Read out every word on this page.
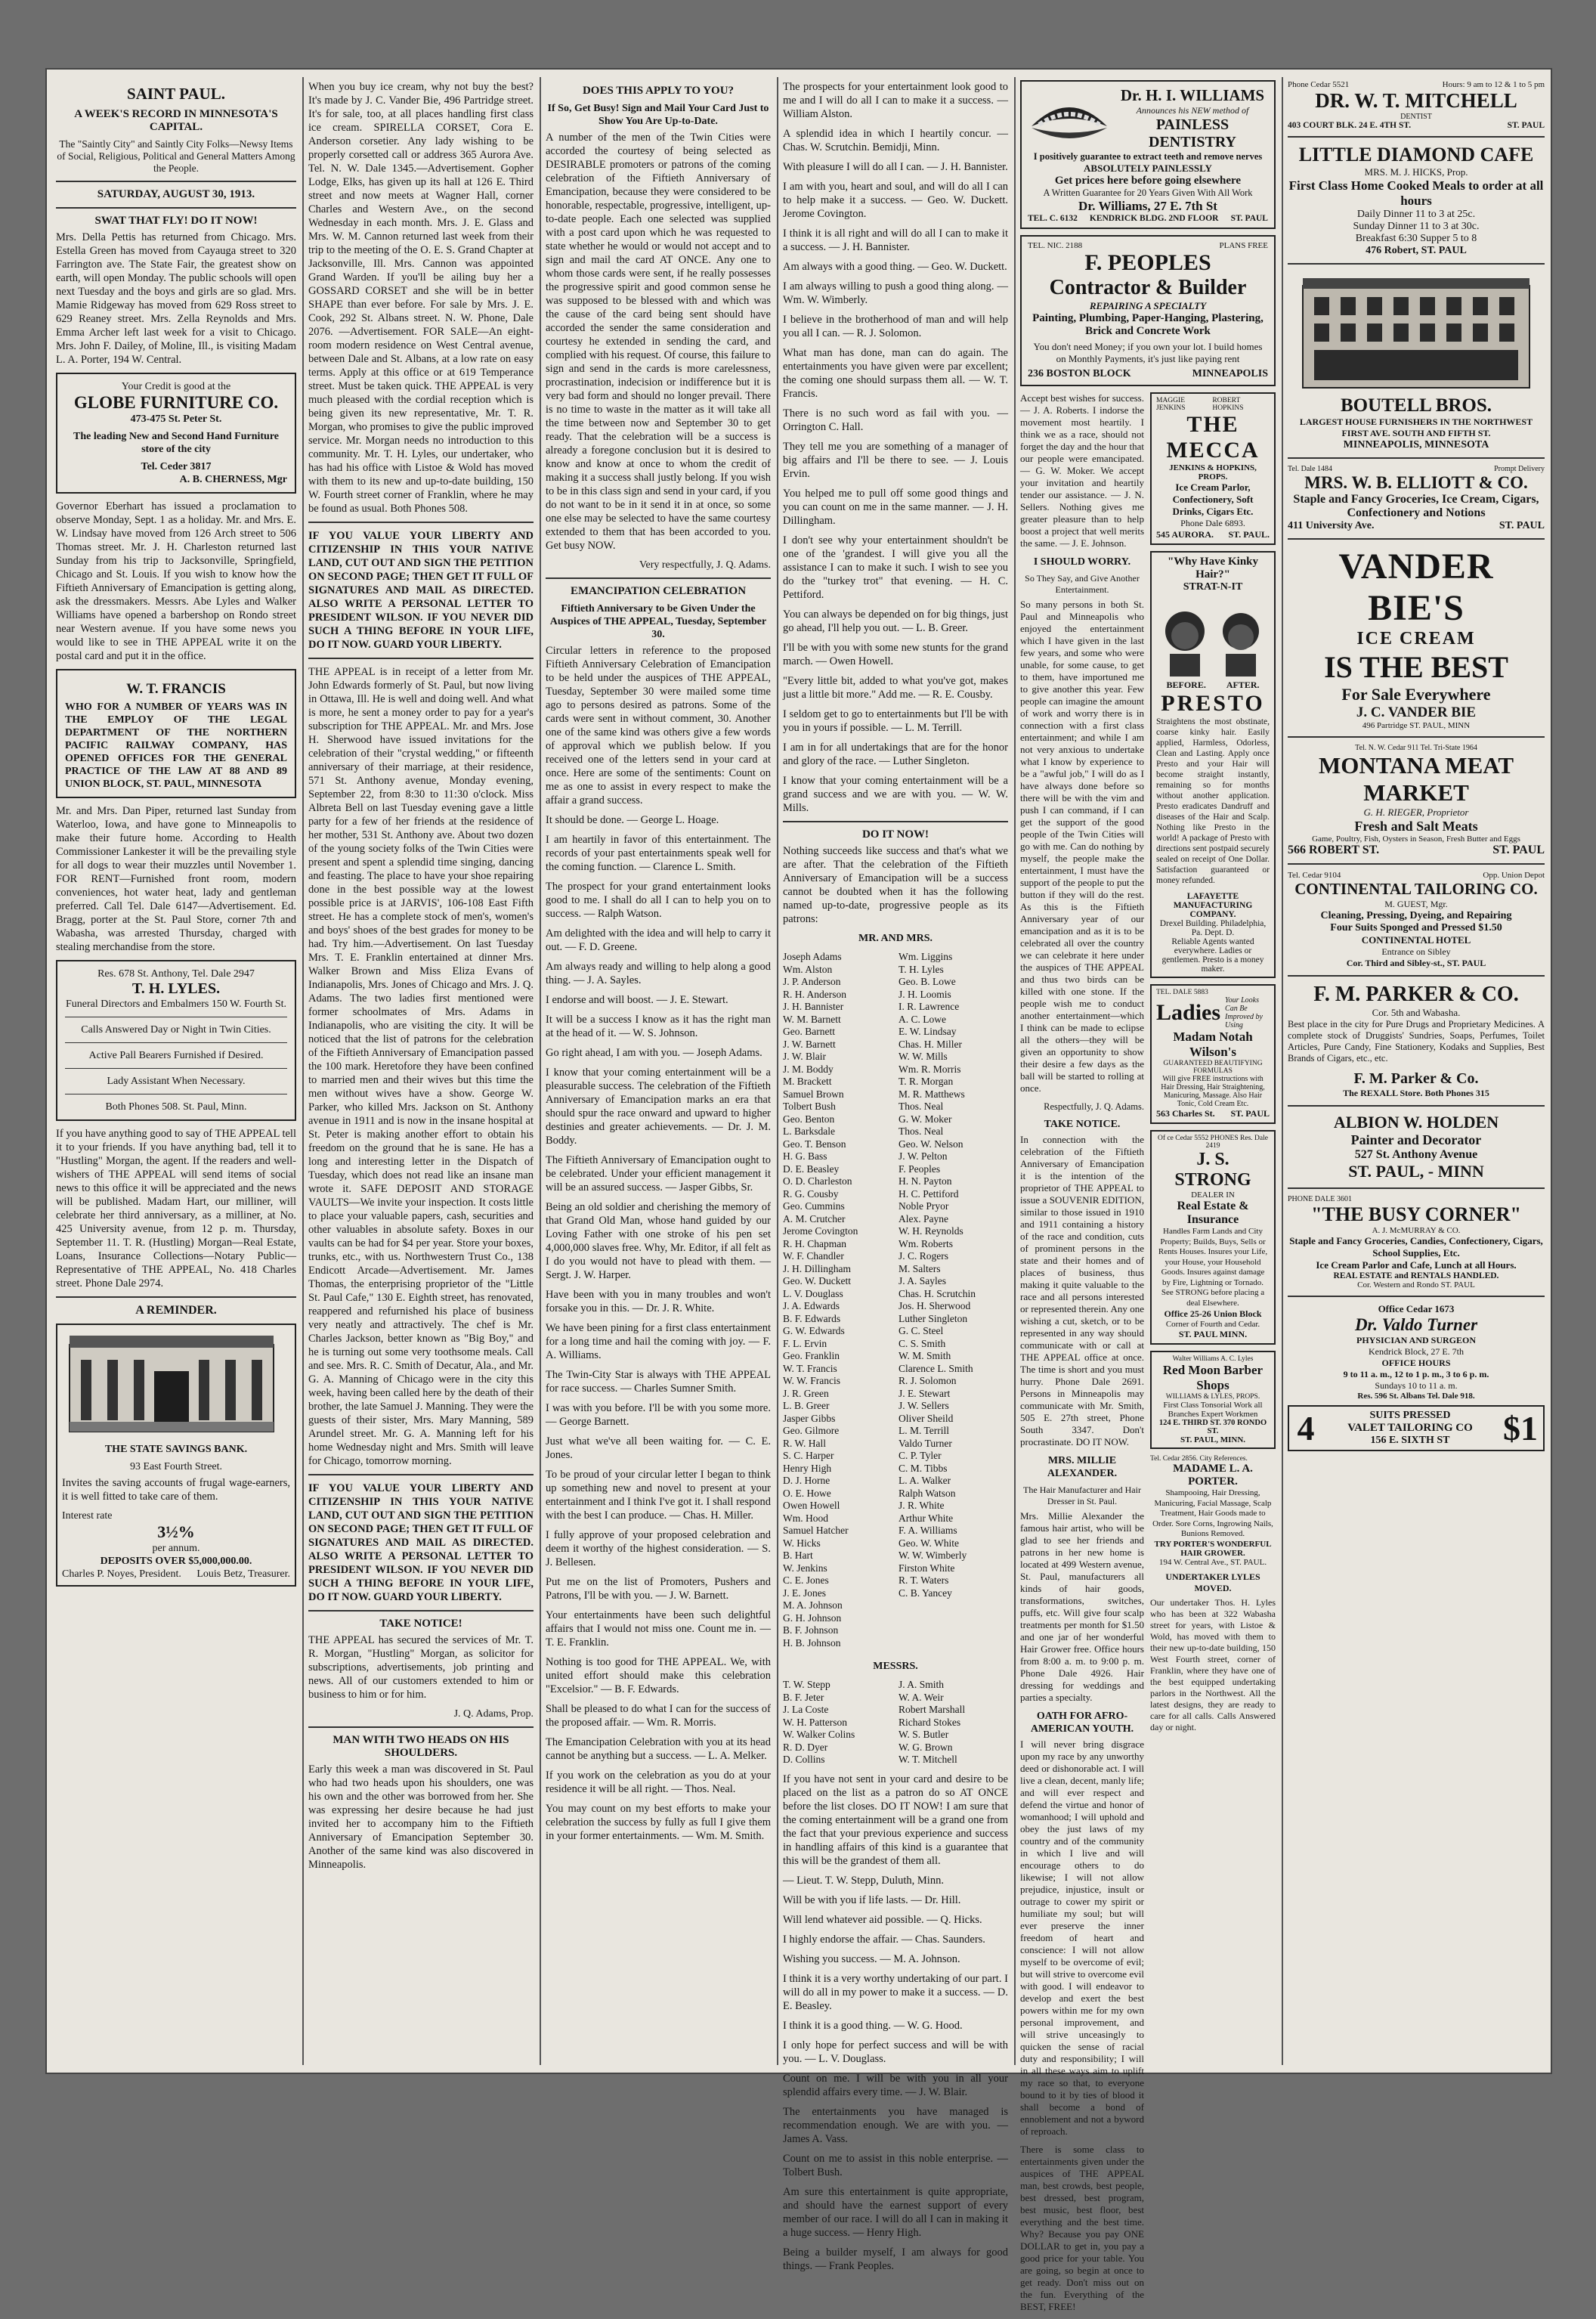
SAINT PAUL.
A WEEK'S RECORD IN MINNESOTA'S CAPITAL.
The "Saintly City" and Saintly City Folks—Newsy Items of Social, Religious, Political and General Matters Among the People.
SATURDAY, AUGUST 30, 1913.
SWAT THAT FLY! DO IT NOW!

Mrs. Della Pettis has returned from Chicago. Mrs. Estella Green has moved from Cayauga street to 320 Farrington ave. The State Fair, the greatest show on earth, will open Monday. The public schools will open next Tuesday and the boys and girls are so glad. Mrs. Mamie Ridgeway has moved from 629 Ross street to 629 Reaney street. Mrs. Zella Reynolds and Mrs. Emma Archer left last week for a visit to Chicago. Mrs. John F. Dailey, of Moline, Ill., is visiting Madam L. A. Porter, 194 W. Central.

Your Credit is good at the
GLOBE FURNITURE CO.
473-475 St. Peter St.
The leading New and Second Hand Furniture store of the city
Tel. Ceder 3817
A. B. CHERNESS, Mgr

Governor Eberhart has issued a proclamation to observe Monday, Sept. 1 as a holiday. Mr. and Mrs. E. W. Lindsay have moved from 126 Arch street to 506 Thomas street. Mr. J. H. Charleston returned last Sunday from his trip to Jacksonville, Springfield, Chicago and St. Louis. If you wish to know how the Fiftieth Anniversary of Emancipation is getting along, ask the dressmakers. Messrs. Abe Lyles and Walker Williams have opened a barbershop on Rondo street near Western avenue. If you have some news you would like to see in THE APPEAL write it on the postal card and put it in the office.

W. T. FRANCIS
WHO FOR A NUMBER OF YEARS WAS IN THE EMPLOY OF THE LEGAL DEPARTMENT OF THE NORTHERN PACIFIC RAILWAY COMPANY, HAS OPENED OFFICES FOR THE GENERAL PRACTICE OF THE LAW AT 88 AND 89 UNION BLOCK, ST. PAUL, MINNESOTA

Mr. and Mrs. Dan Piper, returned last Sunday from Waterloo, Iowa, and have gone to Minneapolis to make their future home. According to Health Commissioner Lankester it will be the prevailing style for all dogs to wear their muzzles until November 1. FOR RENT—Furnished front room, modern conveniences, hot water heat, lady and gentleman preferred. Call Tel. Dale 6147—Advertisement. Ed. Bragg, porter at the St. Paul Store, corner 7th and Wabasha, was arrested Thursday, charged with stealing merchandise from the store.

Res. 678 St. Anthony, Tel. Dale 2947
T. H. LYLES.
Funeral Directors and Embalmers 150 W. Fourth St.
Calls Answered Day or Night in Twin Cities.
Active Pall Bearers Furnished if Desired.
Lady Assistant When Necessary.
Both Phones 508. St. Paul, Minn.

If you have anything good to say of THE APPEAL tell it to your friends. If you have anything bad, tell it to "Hustling" Morgan, the agent. If the readers and well-wishers of THE APPEAL will send items of social news to this office it will be appreciated and the news will be published. Madam Hart, our milliner, will celebrate her third anniversary, as a milliner, at No. 425 University avenue, from 12 p. m. Thursday, September 11. T. R. (Hustling) Morgan—Real Estate, Loans, Insurance Collections—Notary Public—Representative of THE APPEAL, No. 418 Charles street. Phone Dale 2974.

A REMINDER.
THE STATE SAVINGS BANK.
93 East Fourth Street.

Invites the saving accounts of frugal wage-earners, it is well fitted to take care of them.

Interest rate
3½%
per annum.
DEPOSITS OVER $5,000,000.00.
Charles P. Noyes, President. Louis Betz, Treasurer.

When you buy ice cream, why not buy the best? It's made by J. C. Vander Bie, 496 Partridge street. It's for sale, too, at all places handling first class ice cream. SPIRELLA CORSET, Cora E. Anderson corsetier. Any lady wishing to be properly corsetted call or address 365 Aurora Ave. Tel. N. W. Dale 1345.—Advertisement. Gopher Lodge, Elks, has given up its hall at 126 E. Third street and now meets at Wagner Hall, corner Charles and Western Ave., on the second Wednesday in each month. Mrs. J. E. Glass and Mrs. W. M. Cannon returned last week from their trip to the meeting of the O. E. S. Grand Chapter at Jacksonville, Ill. Mrs. Cannon was appointed Grand Warden. If you'll be ailing buy her a GOSSARD CORSET and she will be in better SHAPE than ever before. For sale by Mrs. J. E. Cook, 292 St. Albans street. N. W. Phone, Dale 2076. —Advertisement. FOR SALE—An eight-room modern residence on West Central avenue, between Dale and St. Albans, at a low rate on easy terms. Apply at this office or at 619 Temperance street. Must be taken quick. THE APPEAL is very much pleased with the cordial reception which is being given its new representative, Mr. T. R. Morgan, who promises to give the public improved service. Mr. Morgan needs no introduction to this community. Mr. T. H. Lyles, our undertaker, who has had his office with Listoe & Wold has moved with them to its new and up-to-date building, 150 W. Fourth street corner of Franklin, where he may be found as usual. Both Phones 508.

IF YOU VALUE YOUR LIBERTY AND CITIZENSHIP IN THIS YOUR NATIVE LAND, CUT OUT AND SIGN THE PETITION ON SECOND PAGE; THEN GET IT FULL OF SIGNATURES AND MAIL AS DIRECTED. ALSO WRITE A PERSONAL LETTER TO PRESIDENT WILSON. IF YOU NEVER DID SUCH A THING BEFORE IN YOUR LIFE, DO IT NOW. GUARD YOUR LIBERTY.

THE APPEAL is in receipt of a letter from Mr. John Edwards formerly of St. Paul, but now living in Ottawa, Ill. He is well and doing well. And what is more, he sent a money order to pay for a year's subscription for THE APPEAL. Mr. and Mrs. Jose H. Sherwood have issued invitations for the celebration of their "crystal wedding," or fifteenth anniversary of their marriage, at their residence, 571 St. Anthony avenue, Monday evening, September 22, from 8:30 to 11:30 o'clock. Miss Albreta Bell on last Tuesday evening gave a little party for a few of her friends at the residence of her mother, 531 St. Anthony ave. About two dozen of the young society folks of the Twin Cities were present and spent a splendid time singing, dancing and feasting. The place to have your shoe repairing done in the best possible way at the lowest possible price is at JARVIS', 106-108 East Fifth street. He has a complete stock of men's, women's and boys' shoes of the best grades for money to be had. Try him.—Advertisement. On last Tuesday Mrs. T. E. Franklin entertained at dinner Mrs. Walker Brown and Miss Eliza Evans of Indianapolis, Mrs. Jones of Chicago and Mrs. J. Q. Adams. The two ladies first mentioned were former schoolmates of Mrs. Adams in Indianapolis, who are visiting the city. It will be noticed that the list of patrons for the celebration of the Fiftieth Anniversary of Emancipation passed the 100 mark. Heretofore they have been confined to married men and their wives but this time the men without wives have a show. George W. Parker, who killed Mrs. Jackson on St. Anthony avenue in 1911 and is now in the insane hospital at St. Peter is making another effort to obtain his freedom on the ground that he is sane. He has a long and interesting letter in the Dispatch of Tuesday, which does not read like an insane man wrote it. SAFE DEPOSIT AND STORAGE VAULTS—We invite your inspection. It costs little to place your valuable papers, cash, securities and other valuables in absolute safety. Boxes in our vaults can be had for $4 per year. Store your boxes, trunks, etc., with us. Northwestern Trust Co., 138 Endicott Arcade—Advertisement. Mr. James Thomas, the enterprising proprietor of the "Little St. Paul Cafe," 130 E. Eighth street, has renovated, reappered and refurnished his place of business very neatly and attractively. The chef is Mr. Charles Jackson, better known as "Big Boy," and he is turning out some very toothsome meals. Call and see. Mrs. R. C. Smith of Decatur, Ala., and Mr. G. A. Manning of Chicago were in the city this week, having been called here by the death of their brother, the late Samuel J. Manning. They were the guests of their sister, Mrs. Mary Manning, 589 Arundel street. Mr. G. A. Manning left for his home Wednesday night and Mrs. Smith will leave for Chicago, tomorrow morning.

IF YOU VALUE YOUR LIBERTY AND CITIZENSHIP IN THIS YOUR NATIVE LAND, CUT OUT AND SIGN THE PETITION ON SECOND PAGE; THEN GET IT FULL OF SIGNATURES AND MAIL AS DIRECTED. ALSO WRITE A PERSONAL LETTER TO PRESIDENT WILSON. IF YOU NEVER DID SUCH A THING BEFORE IN YOUR LIFE, DO IT NOW. GUARD YOUR LIBERTY.

TAKE NOTICE!

THE APPEAL has secured the services of Mr. T. R. Morgan, "Hustling" Morgan, as solicitor for subscriptions, advertisements, job printing and news. All of our customers extended to him or business to him or for him.

J. Q. Adams, Prop.
MAN WITH TWO HEADS ON HIS SHOULDERS.

Early this week a man was discovered in St. Paul who had two heads upon his shoulders, one was his own and the other was borrowed from her. She was expressing her desire because he had just invited her to accompany him to the Fiftieth Anniversary of Emancipation September 30. Another of the same kind was also discovered in Minneapolis.

DOES THIS APPLY TO YOU?
If So, Get Busy! Sign and Mail Your Card Just to Show You Are Up-to-Date.

A number of the men of the Twin Cities were accorded the courtesy of being selected as DESIRABLE promoters or patrons of the coming celebration of the Fiftieth Anniversary of Emancipation, because they were considered to be honorable, respectable, progressive, intelligent, up-to-date people. Each one selected was supplied with a post card upon which he was requested to state whether he would or would not accept and to sign and mail the card AT ONCE. Any one to whom those cards were sent, if he really possesses the progressive spirit and good common sense he was supposed to be blessed with and which was the cause of the card being sent should have accorded the sender the same consideration and courtesy he extended in sending the card, and complied with his request. Of course, this failure to sign and send in the cards is more carelessness, procrastination, indecision or indifference but it is very bad form and should no longer prevail. There is no time to waste in the matter as it will take all the time between now and September 30 to get ready. That the celebration will be a success is already a foregone conclusion but it is desired to know and know at once to whom the credit of making it a success shall justly belong. If you wish to be in this class sign and send in your card, if you do not want to be in it send it in at once, so some one else may be selected to have the same courtesy extended to them that has been accorded to you. Get busy NOW.

Very respectfully, J. Q. Adams.
EMANCIPATION CELEBRATION
Fiftieth Anniversary to be Given Under the Auspices of THE APPEAL, Tuesday, September 30.

Circular letters in reference to the proposed Fiftieth Anniversary Celebration of Emancipation to be held under the auspices of THE APPEAL, Tuesday, September 30 were mailed some time ago to persons desired as patrons. Some of the cards were sent in without comment, 30. Another one of the same kind was others give a few words of approval which we publish below. If you received one of the letters send in your card at once. Here are some of the sentiments: Count on me as one to assist in every respect to make the affair a grand success.

It should be done. — George L. Hoage.

I am heartily in favor of this entertainment. The records of your past entertainments speak well for the coming function. — Clarence L. Smith.

The prospect for your grand entertainment looks good to me. I shall do all I can to help you on to success. — Ralph Watson.

Am delighted with the idea and will help to carry it out. — F. D. Greene.

Am always ready and willing to help along a good thing. — J. A. Sayles.

I endorse and will boost. — J. E. Stewart.

It will be a success I know as it has the right man at the head of it. — W. S. Johnson.

Go right ahead, I am with you. — Joseph Adams.

I know that your coming entertainment will be a pleasurable success. The celebration of the Fiftieth Anniversary of Emancipation marks an era that should spur the race onward and upward to higher destinies and greater achievements. — Dr. J. M. Boddy.

The Fiftieth Anniversary of Emancipation ought to be celebrated. Under your efficient management it will be an assured success. — Jasper Gibbs, Sr.

Being an old soldier and cherishing the memory of that Grand Old Man, whose hand guided by our Loving Father with one stroke of his pen set 4,000,000 slaves free. Why, Mr. Editor, if all felt as I do you would not have to plead with them. — Sergt. J. W. Harper.

Have been with you in many troubles and won't forsake you in this. — Dr. J. R. White.

We have been pining for a first class entertainment for a long time and hail the coming with joy. — F. A. Williams.

The Twin-City Star is always with THE APPEAL for race success. — Charles Sumner Smith.

I was with you before. I'll be with you some more. — George Barnett.

Just what we've all been waiting for. — C. E. Jones.

To be proud of your circular letter I began to think up something new and novel to present at your entertainment and I think I've got it. I shall respond with the best I can produce. — Chas. H. Miller.

I fully approve of your proposed celebration and deem it worthy of the highest consideration. — S. J. Bellesen.

Put me on the list of Promoters, Pushers and Patrons, I'll be with you. — J. W. Barnett.

Your entertainments have been such delightful affairs that I would not miss one. Count me in. — T. E. Franklin.

Nothing is too good for THE APPEAL. We, with united effort should make this celebration "Excelsior." — B. F. Edwards.

Shall be pleased to do what I can for the success of the proposed affair. — Wm. R. Morris.

The Emancipation Celebration with you at its head cannot be anything but a success. — L. A. Melker.

If you work on the celebration as you do at your residence it will be all right. — Thos. Neal.

You may count on my best efforts to make your celebration the success by fully as full I give them in your former entertainments. — Wm. M. Smith.

The prospects for your entertainment look good to me and I will do all I can to make it a success. — William Alston.

A splendid idea in which I heartily concur. — Chas. W. Scrutchin. Bemidji, Minn.

With pleasure I will do all I can. — J. H. Bannister.

I am with you, heart and soul, and will do all I can to help make it a success. — Geo. W. Duckett. Jerome Covington.

I think it is all right and will do all I can to make it a success. — J. H. Bannister.

Am always with a good thing. — Geo. W. Duckett.

I am always willing to push a good thing along. — Wm. W. Wimberly.

I believe in the brotherhood of man and will help you all I can. — R. J. Solomon.

What man has done, man can do again. The entertainments you have given were par excellent; the coming one should surpass them all. — W. T. Francis.

There is no such word as fail with you. — Orrington C. Hall.

They tell me you are something of a manager of big affairs and I'll be there to see. — J. Louis Ervin.

You helped me to pull off some good things and you can count on me in the same manner. — J. H. Dillingham.

I don't see why your entertainment shouldn't be one of the 'grandest. I will give you all the assistance I can to make it such. I wish to see you do the "turkey trot" that evening. — H. C. Pettiford.

You can always be depended on for big things, just go ahead, I'll help you out. — L. B. Greer.

I'll be with you with some new stunts for the grand march. — Owen Howell.

"Every little bit, added to what you've got, makes just a little bit more." Add me. — R. E. Cousby.

I seldom get to go to entertainments but I'll be with you in yours if possible. — L. M. Terrill.

I am in for all undertakings that are for the honor and glory of the race. — Luther Singleton.

I know that your coming entertainment will be a grand success and we are with you. — W. W. Mills.

DO IT NOW!

Nothing succeeds like success and that's what we are after. That the celebration of the Fiftieth Anniversary of Emancipation will be a success cannot be doubted when it has the following named up-to-date, progressive people as its patrons:

MR. AND MRS.
Joseph Adams
Wm. Alston
J. P. Anderson
R. H. Anderson
J. H. Bannister
W. M. Barnett
Geo. Barnett
J. W. Barnett
J. W. Blair
J. M. Boddy
M. Brackett
Samuel Brown
Tolbert Bush
Geo. Benton
L. Barksdale
Geo. T. Benson
H. G. Bass
D. E. Beasley
O. D. Charleston
R. G. Cousby
Geo. Cummins
A. M. Crutcher
Jerome Covington
R. H. Chapman
W. F. Chandler
J. H. Dillingham
Geo. W. Duckett
L. V. Douglass
J. A. Edwards
B. F. Edwards
G. W. Edwards
F. L. Ervin
Geo. Franklin
W. T. Francis
W. W. Francis
J. R. Green
L. B. Greer
Jasper Gibbs
Geo. Gilmore
R. W. Hall
S. C. Harper
Henry High
D. J. Horne
O. E. Howe
Owen Howell
Wm. Hood
Samuel Hatcher
W. Hicks
B. Hart
W. Jenkins
C. E. Jones
J. E. Jones
M. A. Johnson
G. H. Johnson
B. F. Johnson
H. B. Johnson
Wm. Liggins
T. H. Lyles
Geo. B. Lowe
J. H. Loomis
I. R. Lawrence
A. C. Lowe
E. W. Lindsay
Chas. H. Miller
W. W. Mills
Wm. R. Morris
T. R. Morgan
M. R. Matthews
Thos. Neal
G. W. Moker
Thos. Neal
Geo. W. Nelson
J. W. Pelton
F. Peoples
H. N. Payton
H. C. Pettiford
Noble Pryor
Alex. Payne
W. H. Reynolds
Wm. Roberts
J. C. Rogers
M. Salters
J. A. Sayles
Chas. H. Scrutchin
Jos. H. Sherwood
Luther Singleton
G. C. Steel
C. S. Smith
W. M. Smith
Clarence L. Smith
R. J. Solomon
J. E. Stewart
J. W. Sellers
Oliver Sheild
L. M. Terrill
Valdo Turner
C. P. Tyler
C. M. Tibbs
L. A. Walker
Ralph Watson
J. R. White
Arthur White
F. A. Williams
Geo. W. White
W. W. Wimberly
Firston White
R. T. Waters
C. B. Yancey
MESSRS.
T. W. Stepp
B. F. Jeter
J. La Coste
W. H. Patterson
W. Walker Colins
R. D. Dyer
D. Collins
J. A. Smith
W. A. Weir
Robert Marshall
Richard Stokes
W. S. Butler
W. G. Brown
W. T. Mitchell

If you have not sent in your card and desire to be placed on the list as a patron do so AT ONCE before the list closes. DO IT NOW! I am sure that the coming entertainment will be a grand one from the fact that your previous experience and success in handling affairs of this kind is a guarantee that this will be the grandest of them all.

— Lieut. T. W. Stepp, Duluth, Minn.

Will be with you if life lasts. — Dr. Hill.

Will lend whatever aid possible. — Q. Hicks.

I highly endorse the affair. — Chas. Saunders.

Wishing you success. — M. A. Johnson.

I think it is a very worthy undertaking of our part. I will do all in my power to make it a success. — D. E. Beasley.

I think it is a good thing. — W. G. Hood.

I only hope for perfect success and will be with you. — L. V. Douglass.

Count on me. I will be with you in all your splendid affairs every time. — J. W. Blair.

The entertainments you have managed is recommendation enough. We are with you. — James A. Vass.

Count on me to assist in this noble enterprise. — Tolbert Bush.

Am sure this entertainment is quite appropriate, and should have the earnest support of every member of our race. I will do all I can in making it a huge success. — Henry High.

Being a builder myself, I am always for good things. — Frank Peoples.

Dr. H. I. WILLIAMS
Announces his NEW method of
PAINLESS DENTISTRY
I positively guarantee to extract teeth and remove nerves
ABSOLUTELY PAINLESSLY
Get prices here before going elsewhere
A Written Guarantee for 20 Years Given With All Work
Dr. Williams, 27 E. 7th St
TEL. C. 6132 KENDRICK BLDG. 2ND FLOOR ST. PAUL
TEL. NIC. 2188	PLANS FREE
F. PEOPLES
Contractor & Builder
REPAIRING A SPECIALTY
Painting, Plumbing, Paper-Hanging, Plastering, Brick and Concrete Work
You don't need Money; if you own your lot. I build homes on Monthly Payments, it's just like paying rent
236 BOSTON BLOCK	MINNEAPOLIS

Accept best wishes for success. — J. A. Roberts. I indorse the movement most heartily. I think we as a race, should not forget the day and the hour that our people were emancipated. — G. W. Moker. We accept your invitation and heartily tender our assistance. — J. N. Sellers. Nothing gives me greater pleasure than to help boost a project that well merits the same. — J. E. Johnson.

I SHOULD WORRY.
So They Say, and Give Another Entertainment.

So many persons in both St. Paul and Minneapolis who enjoyed the entertainment which I have given in the last few years, and some who were unable, for some cause, to get to them, have importuned me to give another this year. Few people can imagine the amount of work and worry there is in connection with a first class entertainment; and while I am not very anxious to undertake what I know by experience to be a "awful job," I will do as I have always done before so there will be with the vim and push I can command, if I can get the support of the good people of the Twin Cities will go with me. Can do nothing by myself, the people make the entertainment, I must have the support of the people to put the button if they will do the rest. As this is the Fiftieth Anniversary year of our emancipation and as it is to be celebrated all over the country we can celebrate it here under the auspices of THE APPEAL and thus two birds can be killed with one stone. If the people wish me to conduct another entertainment—which I think can be made to eclipse all the others—they will be given an opportunity to show their desire a few days as the ball will be started to rolling at once.

Respectfully, J. Q. Adams.
TAKE NOTICE.

In connection with the celebration of the Fiftieth Anniversary of Emancipation it is the intention of the proprietor of THE APPEAL to issue a SOUVENIR EDITION, similar to those issued in 1910 and 1911 containing a history of the race and condition, cuts of prominent persons in the state and their homes and of places of business, thus making it quite valuable to the race and all persons interested or represented therein. Any one wishing a cut, sketch, or to be represented in any way should communicate with or call at THE APPEAL office at once. The time is short and you must hurry. Phone Dale 2691. Persons in Minneapolis may communicate with Mr. Smith, 505 E. 27th street, Phone South 3347. Don't procrastinate. DO IT NOW.

MRS. MILLIE ALEXANDER.
The Hair Manufacturer and Hair Dresser in St. Paul.

Mrs. Millie Alexander the famous hair artist, who will be glad to see her friends and patrons in her new home is located at 499 Western avenue, St. Paul, manufacturers all kinds of hair goods, transformations, switches, puffs, etc. Will give four scalp treatments per month for $1.50 and one jar of her wonderful Hair Grower free. Office hours from 8:00 a. m. to 9:00 p. m. Phone Dale 4926. Hair dressing for weddings and parties a specialty.

OATH FOR AFRO-AMERICAN YOUTH.

I will never bring disgrace upon my race by any unworthy deed or dishonorable act. I will live a clean, decent, manly life; and will ever respect and defend the virtue and honor of womanhood; I will uphold and obey the just laws of my country and of the community in which I live and will encourage others to do likewise; I will not allow prejudice, injustice, insult or outrage to cower my spirit or humiliate my soul; but will ever preserve the inner freedom of heart and conscience: I will not allow myself to be overcome of evil; but will strive to overcome evil with good. I will endeavor to develop and exert the best powers within me for my own personal improvement, and will strive unceasingly to quicken the sense of racial duty and responsibility; I will in all these ways aim to uplift my race so that, to everyone bound to it by ties of blood it shall become a bond of ennoblement and not a byword of reproach.

There is some class to entertainments given under the auspices of THE APPEAL man, best crowds, best people, best dressed, best program, best music, best floor, best everything and the best time. Why? Because you pay ONE DOLLAR to get in, you pay a good price for your table. You are going, so begin at once to get ready. Don't miss out on the fun. Everything of the BEST, FREE!

MAGGIE JENKINS
ROBERT HOPKINS
THE MECCA
JENKINS & HOPKINS, PROPS.
Ice Cream Parlor, Confectionery, Soft Drinks, Cigars Etc.
Phone Dale 6893.
545 AURORA. ST. PAUL.
"Why Have Kinky Hair?"
STRAT-N-IT
BEFORE. AFTER.
PRESTO

Straightens the most obstinate, coarse kinky hair. Easily applied, Harmless, Odorless, Clean and Lasting. Apply once Presto and your Hair will become straight instantly, remaining so for months without another application. Presto eradicates Dandruff and diseases of the Hair and Scalp. Nothing like Presto in the world! A package of Presto with directions sent postpaid securely sealed on receipt of One Dollar. Satisfaction guaranteed or money refunded.

LAFAYETTE MANUFACTURING COMPANY.
Drexel Building. Philadelphia, Pa. Dept. D.
Reliable Agents wanted everywhere. Ladies or gentlemen. Presto is a money maker.
TEL. DALE 5883
Ladies Your Looks Can Be Improved by Using
Madam Notah Wilson's
GUARANTEED BEAUTIFYING FORMULAS
Will give FREE instructions with Hair Dressing, Hair Straightening, Manicuring, Massage. Also Hair Tonic, Cold Cream Etc.
563 Charles St. ST. PAUL
Of ce Cedar 5552 PHONES Res. Dale 2419
J. S. STRONG
DEALER IN
Real Estate & Insurance
Handles Farm Lands and City Property; Builds, Buys, Sells or Rents Houses. Insures your Life, your House, your Household Goods. Insures against damage by Fire, Lightning or Tornado. See STRONG before placing a deal Elsewhere.
Office 25-26 Union Block
Corner of Fourth and Cedar.
ST. PAUL MINN.
Walter Williams A. C. Lyles
Red Moon Barber Shops
WILLIAMS & LYLES, PROPS.
First Class Tonsorial Work all Branches Expert Workmen
124 E. THIRD ST. 370 RONDO ST.
ST. PAUL, MINN.
Tel. Cedar 2856. City References.
MADAME L. A. PORTER.
Shampooing, Hair Dressing, Manicuring, Facial Massage, Scalp Treatment, Hair Goods made to Order. Sore Corns, Ingrowing Nails, Bunions Removed.
TRY PORTER'S WONDERFUL HAIR GROWER.
194 W. Central Ave., ST. PAUL.
UNDERTAKER LYLES MOVED.

Our undertaker Thos. H. Lyles who has been at 322 Wabasha street for years, with Listoe & Wold, has moved with them to their new up-to-date building, 150 West Fourth street, corner of Franklin, where they have one of the best equipped undertaking parlors in the Northwest. All the latest designs, they are ready to care for all calls. Calls Answered day or night.

Phone Cedar 5521	Hours: 9 am to 12 & 1 to 5 pm
DR. W. T. MITCHELL
DENTIST
403 COURT BLK. 24 E. 4TH ST.	ST. PAUL
LITTLE DIAMOND CAFE
MRS. M. J. HICKS, Prop.
First Class Home Cooked Meals to order at all hours
Daily Dinner 11 to 3 at 25c.
Sunday Dinner 11 to 3 at 30c.
Breakfast 6:30 Supper 5 to 8
476 Robert, ST. PAUL
BOUTELL BROS.
LARGEST HOUSE FURNISHERS IN THE NORTHWEST
FIRST AVE. SOUTH AND FIFTH ST.
MINNEAPOLIS, MINNESOTA
Tel. Dale 1484	Prompt Delivery
MRS. W. B. ELLIOTT & CO.
Staple and Fancy Groceries, Ice Cream, Cigars, Confectionery and Notions
411 University Ave.	ST. PAUL
VANDER BIE'S
ICE CREAM
IS THE BEST
For Sale Everywhere
J. C. VANDER BIE
496 Partridge ST. PAUL, MINN
Tel. N. W. Cedar 911 Tel. Tri-State 1964
MONTANA MEAT MARKET
G. H. RIEGER, Proprietor
Fresh and Salt Meats
Game, Poultry, Fish, Oysters in Season, Fresh Butter and Eggs
566 ROBERT ST.	ST. PAUL
Tel. Cedar 9104	Opp. Union Depot
CONTINENTAL TAILORING CO.
M. GUEST, Mgr.
Cleaning, Pressing, Dyeing, and Repairing
Four Suits Sponged and Pressed $1.50
CONTINENTAL HOTEL
Entrance on Sibley
Cor. Third and Sibley-st., ST. PAUL
F. M. PARKER & CO.
Cor. 5th and Wabasha.

Best place in the city for Pure Drugs and Proprietary Medicines. A complete stock of Druggists' Sundries, Soaps, Perfumes, Toilet Articles, Pure Candy, Fine Stationery, Kodaks and Supplies, Best Brands of Cigars, etc., etc.

F. M. Parker & Co.
The REXALL Store. Both Phones 315
ALBION W. HOLDEN
Painter and Decorator
527 St. Anthony Avenue
ST. PAUL, - MINN
PHONE DALE 3601
"THE BUSY CORNER"
A. J. McMURRAY & CO.
Staple and Fancy Groceries, Candies, Confectionery, Cigars, School Supplies, Etc.
Ice Cream Parlor and Cafe, Lunch at all Hours.
REAL ESTATE and RENTALS HANDLED.
Cor. Western and Rondo ST. PAUL
Office Cedar 1673
Dr. Valdo Turner
PHYSICIAN AND SURGEON
Kendrick Block, 27 E. 7th
OFFICE HOURS
9 to 11 a. m., 12 to 1 p. m., 3 to 6 p. m.
Sundays 10 to 11 a. m.
Res. 596 St. Albans Tel. Dale 918.
4	SUITS PRESSED
VALET TAILORING CO
156 E. SIXTH ST	$1
